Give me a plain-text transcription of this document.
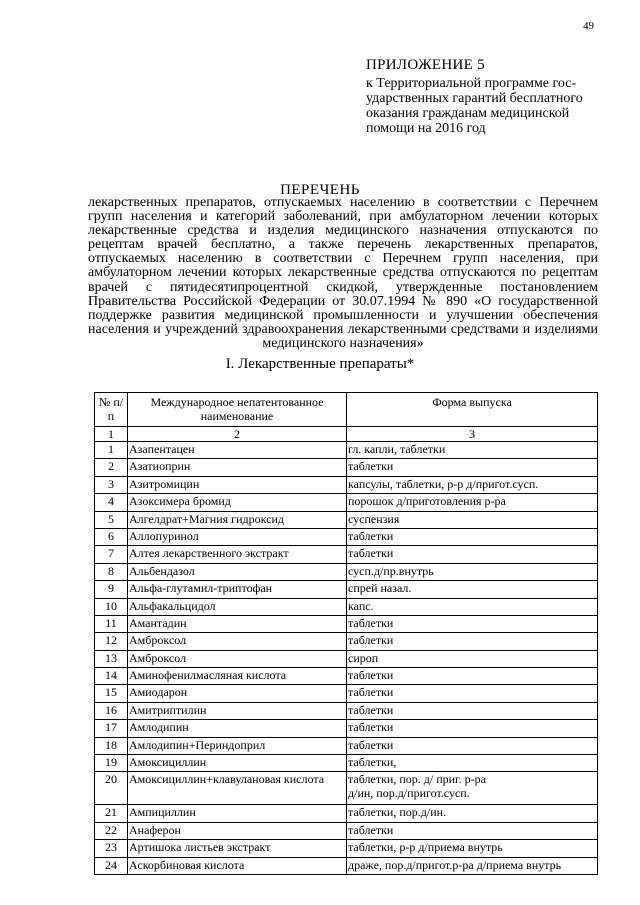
49
ПРИЛОЖЕНИЕ 5
к Территориальной программе гос-
ударственных гарантий бесплатного
оказания гражданам медицинской
помощи на 2016 год
ПЕРЕЧЕНЬ
лекарственных препаратов, отпускаемых населению в соответствии с Перечнем групп населения и категорий заболеваний, при амбулаторном лечении которых лекарственные средства и изделия медицинского назначения отпускаются по рецептам врачей бесплатно, а также перечень лекарственных препаратов, отпускаемых населению в соответствии с Перечнем групп населения, при амбулаторном лечении которых лекарственные средства отпускаются по рецептам врачей с пятидесятипроцентной скидкой, утвержденные постановлением Правительства Российской Федерации от 30.07.1994 № 890 «О государственной поддержке развития медицинской промышленности и улучшении обеспечения населения и учреждений здравоохранения лекарственными средствами и изделиями медицинского назначения»
I. Лекарственные препараты*
№ п/п	Международное непатентованное наименование	Форма выпуска
1	2	3
1	Азапентацен	гл. капли, таблетки
2	Азатиоприн	таблетки
3	Азитромицин	капсулы, таблетки, р-р д/пригот.сусп.
4	Азоксимера бромид	порошок д/приготовления р-ра
5	Алгелдрат+Магния гидроксид	суспензия
6	Аллопуринол	таблетки
7	Алтея лекарственного экстракт	таблетки
8	Альбендазол	сусп.д/пр.внутрь
9	Альфа-глутамил-триптофан	спрей назал.
10	Альфакальцидол	капс.
11	Амантадин	таблетки
12	Амброксол	таблетки
13	Амброксол	сироп
14	Аминофенилмасляная кислота	таблетки
15	Амиодарон	таблетки
16	Амитриптилин	таблетки
17	Амлодипин	таблетки
18	Амлодипин+Периндоприл	таблетки
19	Амоксициллин	таблетки,
20	Амоксициллин+клавулановая кислота	таблетки, пор. д/ приг. р-ра
д/ин, пор.д/пригот.сусп.

21	Ампициллин	таблетки, пор.д/ин.
22	Анаферон	таблетки
23	Артишока листьев экстракт	таблетки, р-р д/приема внутрь
24	Аскорбиновая кислота	драже, пор.д/пригот.р-ра д/приема внутрь
